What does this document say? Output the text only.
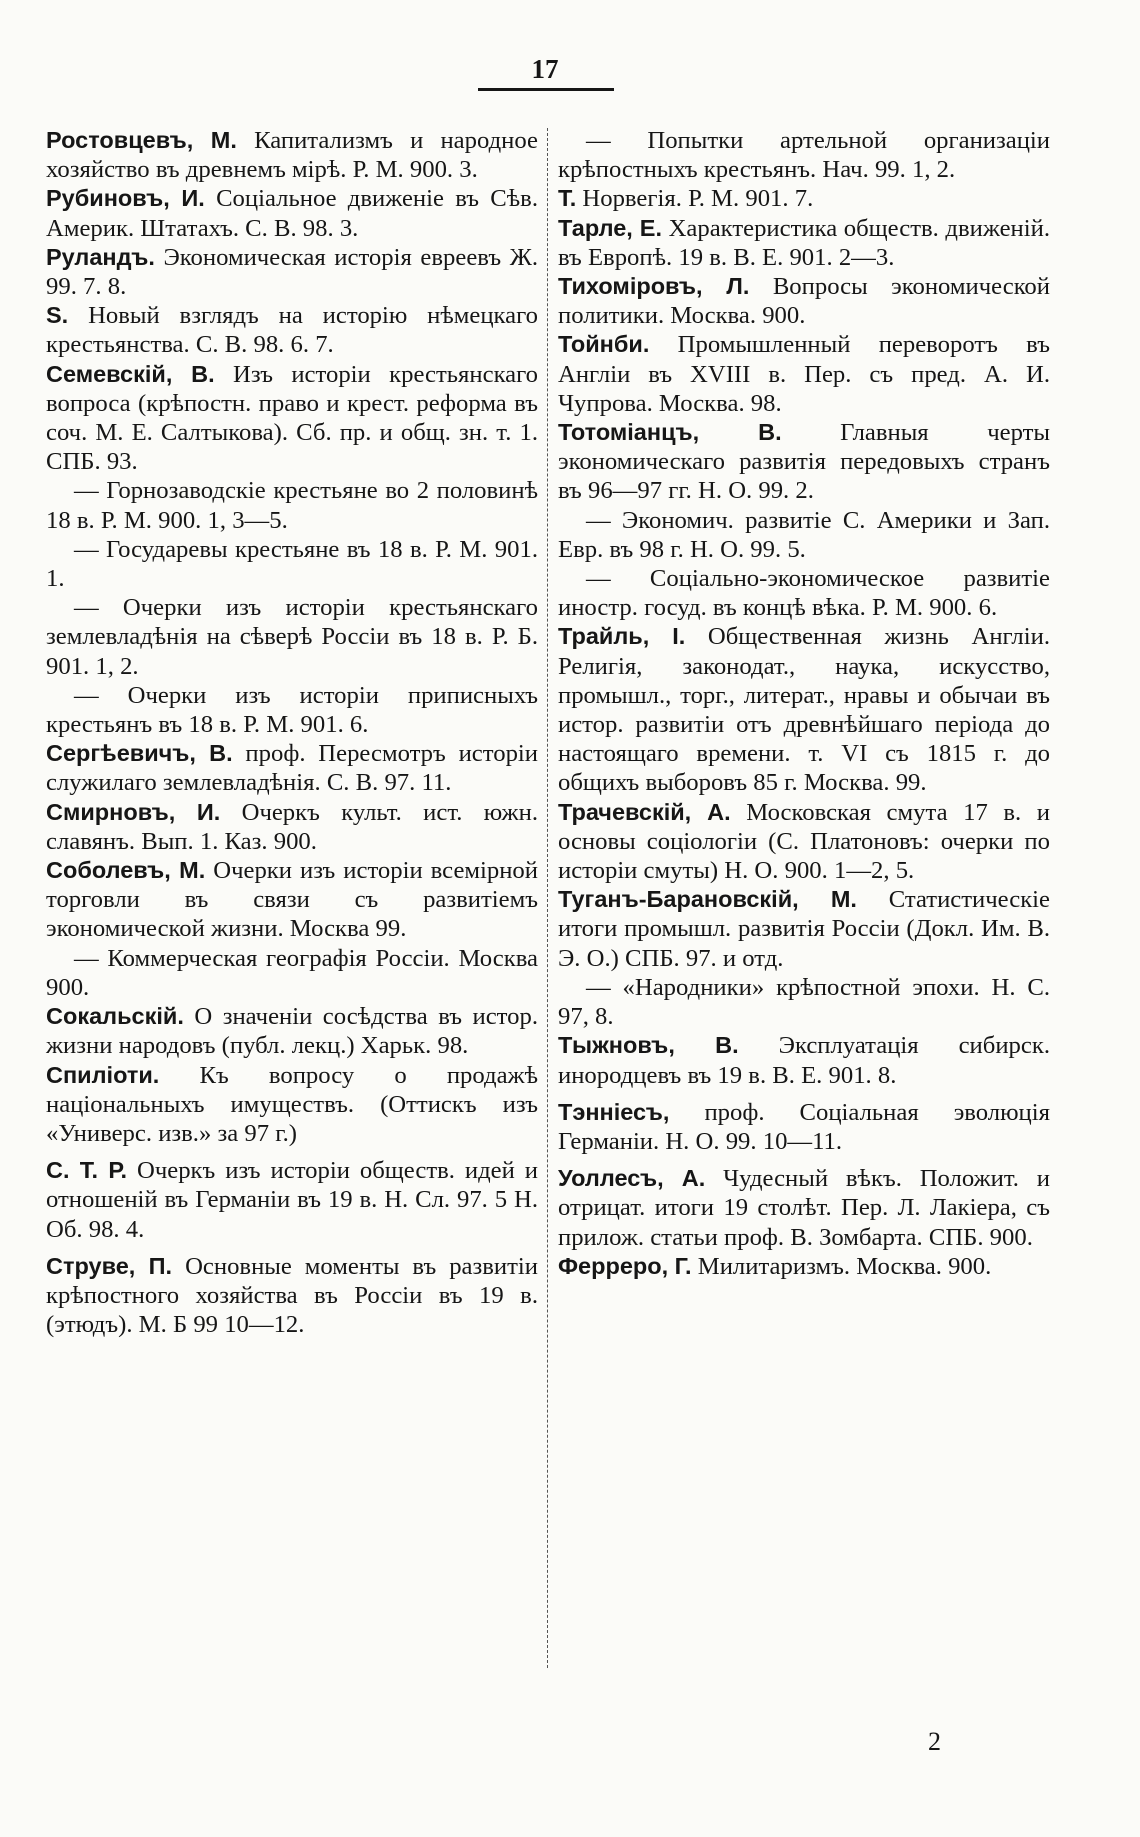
17

Ростовцевъ, М. Капитализмъ и народное хозяйство въ древнемъ мірѣ. Р. М. 900. 3.

Рубиновъ, И. Соціальное движеніе въ Сѣв. Америк. Штатахъ. С. В. 98. 3.

Руландъ. Экономическая исторія евреевъ Ж. 99. 7. 8.

S. Новый взглядъ на исторію нѣмецкаго крестьянства. С. В. 98. 6. 7.

Семевскій, В. Изъ исторіи крестьянскаго вопроса (крѣпостн. право и крест. реформа въ соч. М. Е. Салтыкова). Сб. пр. и общ. зн. т. 1. СПБ. 93.

— Горнозаводскіе крестьяне во 2 половинѣ 18 в. Р. М. 900. 1, 3—5.

— Государевы крестьяне въ 18 в. Р. М. 901. 1.

— Очерки изъ исторіи крестьянскаго землевладѣнія на сѣверѣ Россіи въ 18 в. Р. Б. 901. 1, 2.

— Очерки изъ исторіи приписныхъ крестьянъ въ 18 в. Р. М. 901. 6.

Сергѣевичъ, В. проф. Пересмотръ исторіи служилаго землевладѣнія. С. В. 97. 11.

Смирновъ, И. Очеркъ культ. ист. южн. славянъ. Вып. 1. Каз. 900.

Соболевъ, М. Очерки изъ исторіи всемірной торговли въ связи съ развитіемъ экономической жизни. Москва 99.

— Коммерческая географія Россіи. Москва 900.

Сокальскій. О значеніи сосѣдства въ истор. жизни народовъ (публ. лекц.) Харьк. 98.

Спиліоти. Къ вопросу о продажѣ національныхъ имуществъ. (Оттискъ изъ «Универс. изв.» за 97 г.)

С. Т. Р. Очеркъ изъ исторіи обществ. идей и отношеній въ Германіи въ 19 в. Н. Сл. 97. 5 Н. Об. 98. 4.

Струве, П. Основные моменты въ развитіи крѣпостного хозяйства въ Россіи въ 19 в. (этюдъ). М. Б 99 10—12.

— Попытки артельной организаціи крѣпостныхъ крестьянъ. Нач. 99. 1, 2.

Т. Норвегія. Р. М. 901. 7.

Тарле, Е. Характеристика обществ. движеній. въ Европѣ. 19 в. В. Е. 901. 2—3.

Тихоміровъ, Л. Вопросы экономической политики. Москва. 900.

Тойнби. Промышленный переворотъ въ Англіи въ XVIII в. Пер. съ пред. А. И. Чупрова. Москва. 98.

Тотоміанцъ, В. Главныя черты экономическаго развитія передовыхъ странъ въ 96—97 гг. Н. О. 99. 2.

— Экономич. развитіе С. Америки и Зап. Евр. въ 98 г. Н. О. 99. 5.

— Соціально-экономическое развитіе иностр. госуд. въ концѣ вѣка. Р. М. 900. 6.

Трайль, І. Общественная жизнь Англіи. Религія, законодат., наука, искусство, промышл., торг., литерат., нравы и обычаи въ истор. развитіи отъ древнѣйшаго періода до настоящаго времени. т. VI съ 1815 г. до общихъ выборовъ 85 г. Москва. 99.

Трачевскій, А. Московская смута 17 в. и основы соціологіи (С. Платоновъ: очерки по исторіи смуты) Н. О. 900. 1—2, 5.

Туганъ-Барановскій, М. Статистическіе итоги промышл. развитія Россіи (Докл. Им. В. Э. О.) СПБ. 97. и отд.

— «Народники» крѣпостной эпохи. Н. С. 97, 8.

Тыжновъ, В. Эксплуатація сибирск. инородцевъ въ 19 в. В. Е. 901. 8.

Тэнніесъ, проф. Соціальная эволюція Германіи. Н. О. 99. 10—11.

Уоллесъ, А. Чудесный вѣкъ. Положит. и отрицат. итоги 19 столѣт. Пер. Л. Лакіера, съ прилож. статьи проф. В. Зомбарта. СПБ. 900.

Ферреро, Г. Милитаризмъ. Москва. 900.

2
